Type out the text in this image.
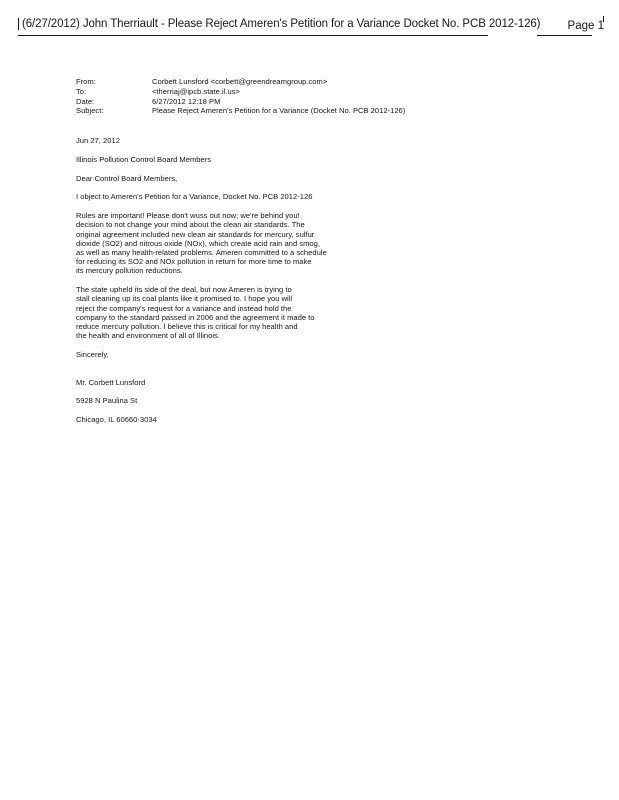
(6/27/2012) John Therriault - Please Reject Ameren's Petition for a Variance Docket No. PCB 2012-126) Page 1
From:	Corbett Lunsford <corbett@greendreamgroup.com>
To:	<therriaj@ipcb.state.il.us>
Date:	6/27/2012 12:18 PM
Subject:	Please Reject Ameren's Petition for a Variance (Docket No. PCB 2012-126)

Jun 27, 2012

Illinois Pollution Control Board Members

Dear Control Board Members,

I object to Ameren's Petition for a Variance, Docket No. PCB 2012-126

Rules are important! Please don't wuss out now; we're behind you!
decision to not change your mind about the clean air standards. The
original agreement included new clean air standards for mercury, sulfur
dioxide (SO2) and nitrous oxide (NOx), which create acid rain and smog,
as well as many health-related problems. Ameren committed to a schedule
for reducing its SO2 and NOx pollution in return for more time to make
its mercury pollution reductions.

The state upheld its side of the deal, but now Ameren is trying to
stall cleaning up its coal plants like it promised to. I hope you will
reject the company's request for a variance and instead hold the
company to the standard passed in 2006 and the agreement it made to
reduce mercury pollution. I believe this is critical for my health and
the health and environment of all of Illinois.

Sincerely,

Mr. Corbett Lunsford

5928 N Paulina St

Chicago, IL 60660-3034
